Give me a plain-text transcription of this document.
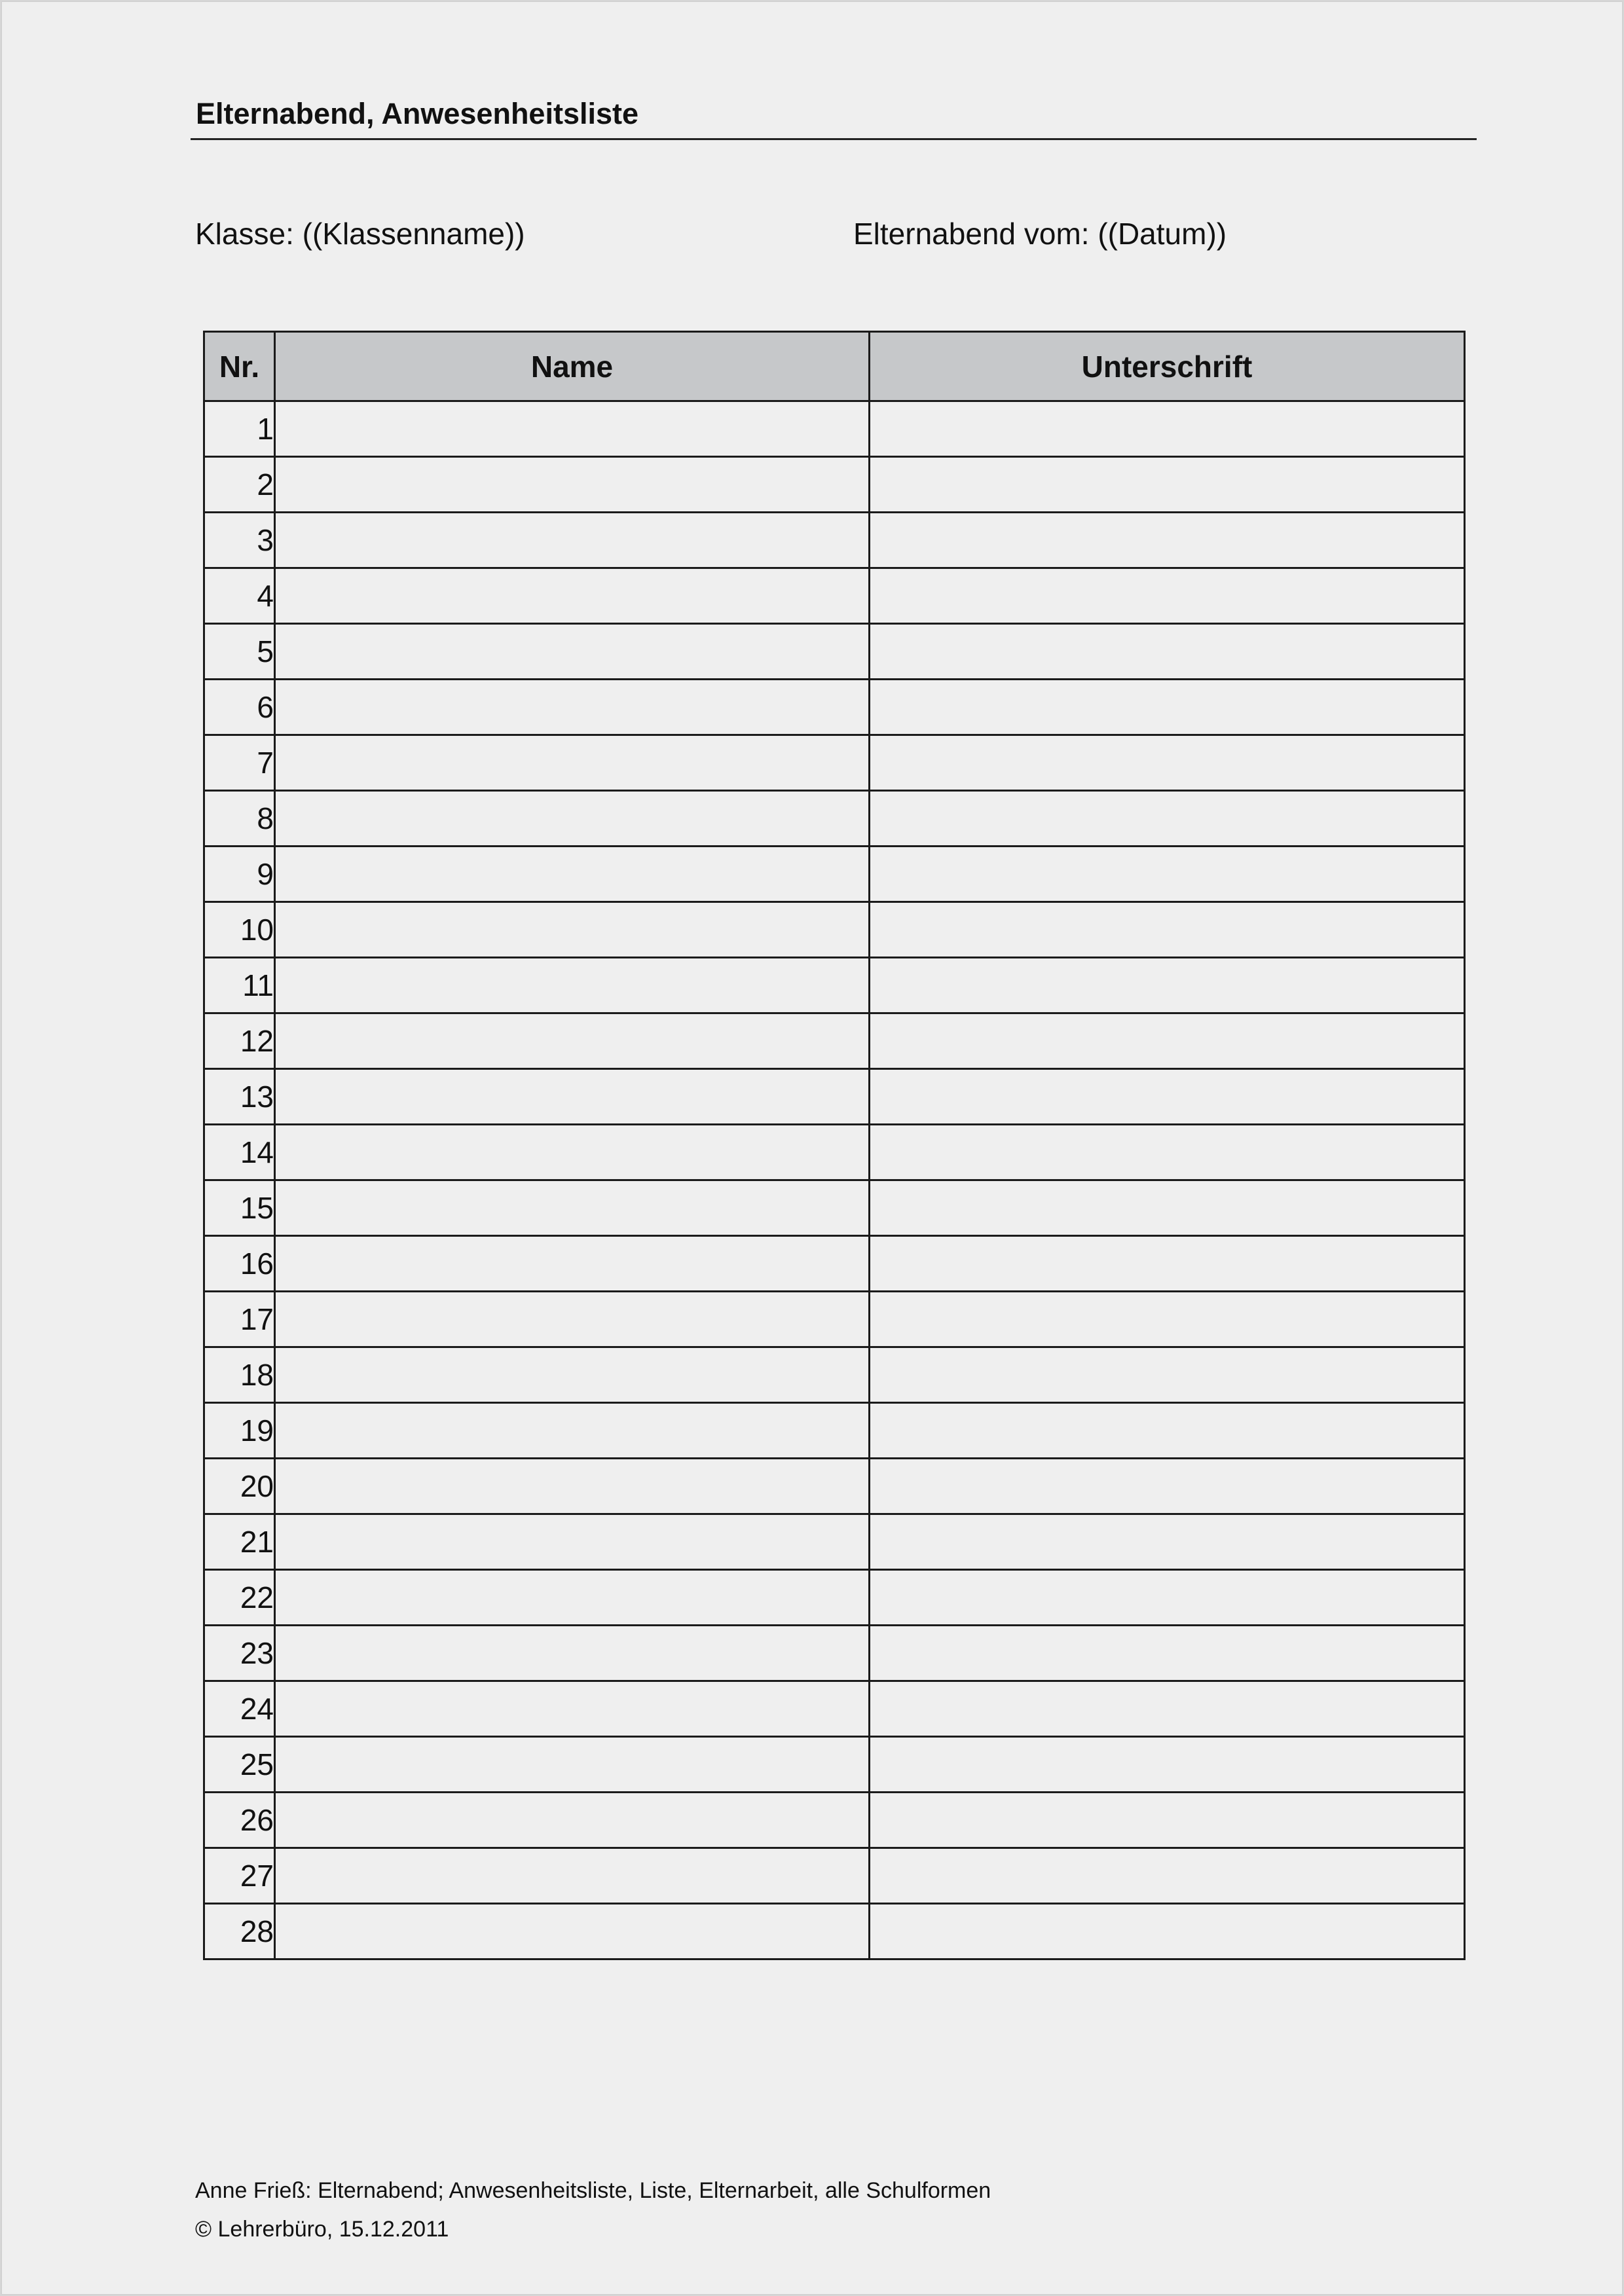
Elternabend, Anwesenheitsliste
Klasse: ((Klassenname))	Elternabend vom: ((Datum))
Nr.	Name	Unterschrift
1		
2		
3		
4		
5		
6		
7		
8		
9		
10		
11		
12		
13		
14		
15		
16		
17		
18		
19		
20		
21		
22		
23		
24		
25		
26		
27		
28		
Anne Frieß: Elternabend; Anwesenheitsliste, Liste, Elternarbeit, alle Schulformen
© Lehrerbüro, 15.12.2011
